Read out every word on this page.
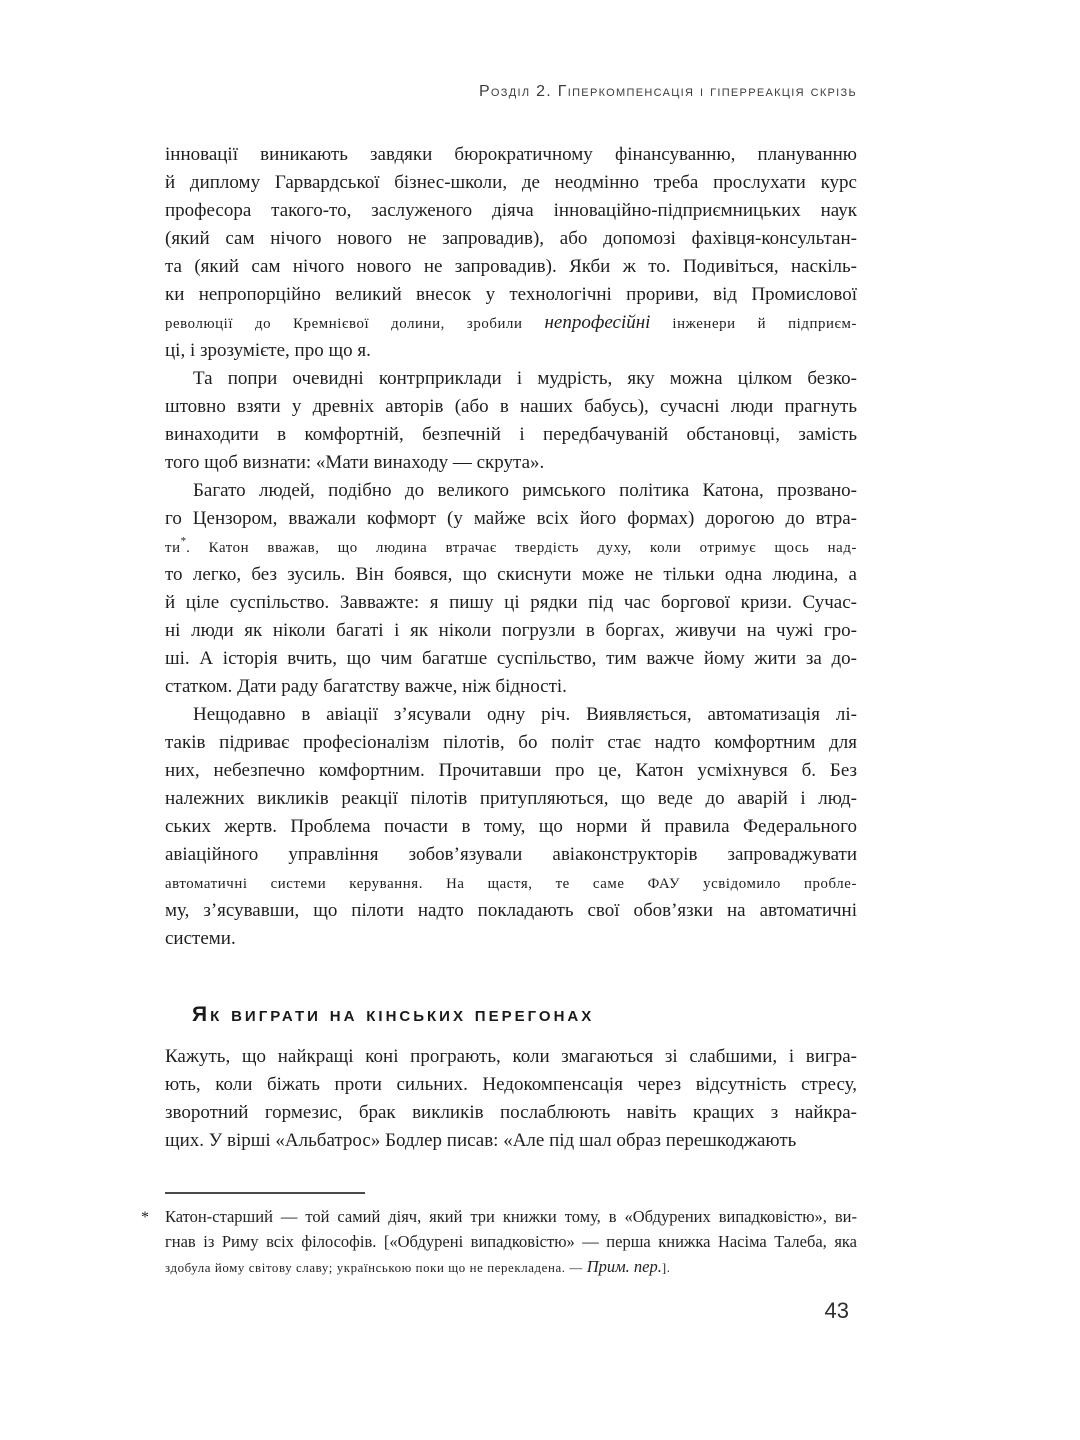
Розділ 2. Гіперкомпенсація і гіперреакція скрізь
інновації виникають завдяки бюрократичному фінансуванню, плануванню
й диплому Гарвардської бізнес-школи, де неодмінно треба прослухати курс
професора такого-то, заслуженого діяча інноваційно-підприємницьких наук
(який сам нічого нового не запровадив), або допомозі фахівця-консультан-
та (який сам нічого нового не запровадив). Якби ж то. Подивіться, наскіль-
ки непропорційно великий внесок у технологічні прориви, від Промислової
революції до Кремнієвої долини, зробили непрофесійні інженери й підприєм-
ці, і зрозумієте, про що я.
Та попри очевидні контрприклади і мудрість, яку можна цілком безко-
штовно взяти у древніх авторів (або в наших бабусь), сучасні люди прагнуть
винаходити в комфортній, безпечній і передбачуваній обстановці, замість
того щоб визнати: «Мати винаходу — скрута».
Багато людей, подібно до великого римського політика Катона, прозвано-
го Цензором, вважали кофморт (у майже всіх його формах) дорогою до втра-
ти*. Катон вважав, що людина втрачає твердість духу, коли отримує щось над-
то легко, без зусиль. Він боявся, що скиснути може не тільки одна людина, а
й ціле суспільство. Завважте: я пишу ці рядки під час боргової кризи. Сучас-
ні люди як ніколи багаті і як ніколи погрузли в боргах, живучи на чужі гро-
ші. А історія вчить, що чим багатше суспільство, тим важче йому жити за до-
статком. Дати раду багатству важче, ніж бідності.
Нещодавно в авіації з’ясували одну річ. Виявляється, автоматизація лі-
таків підриває професіоналізм пілотів, бо політ стає надто комфортним для
них, небезпечно комфортним. Прочитавши про це, Катон усміхнувся б. Без
належних викликів реакції пілотів притупляються, що веде до аварій і люд-
ських жертв. Проблема почасти в тому, що норми й правила Федерального
авіаційного управління зобов’язували авіаконструкторів запроваджувати
автоматичні системи керування. На щастя, те саме ФАУ усвідомило пробле-
му, з’ясувавши, що пілоти надто покладають свої обов’язки на автоматичні
системи.
Як виграти на кінських перегонах
Кажуть, що найкращі коні програють, коли змагаються зі слабшими, і вигра-
ють, коли біжать проти сильних. Недокомпенсація через відсутність стресу,
зворотний гормезис, брак викликів послаблюють навіть кращих з найкра-
щих. У вірші «Альбатрос» Бодлер писав: «Але під шал образ перешкоджають
* Катон-старший — той самий діяч, який три книжки тому, в «Обдурених випадковістю», ви-
гнав із Риму всіх філософів. [«Обдурені випадковістю» — перша книжка Насіма Талеба, яка
здобула йому світову славу; українською поки що не перекладена. — Прим. пер.].
43
